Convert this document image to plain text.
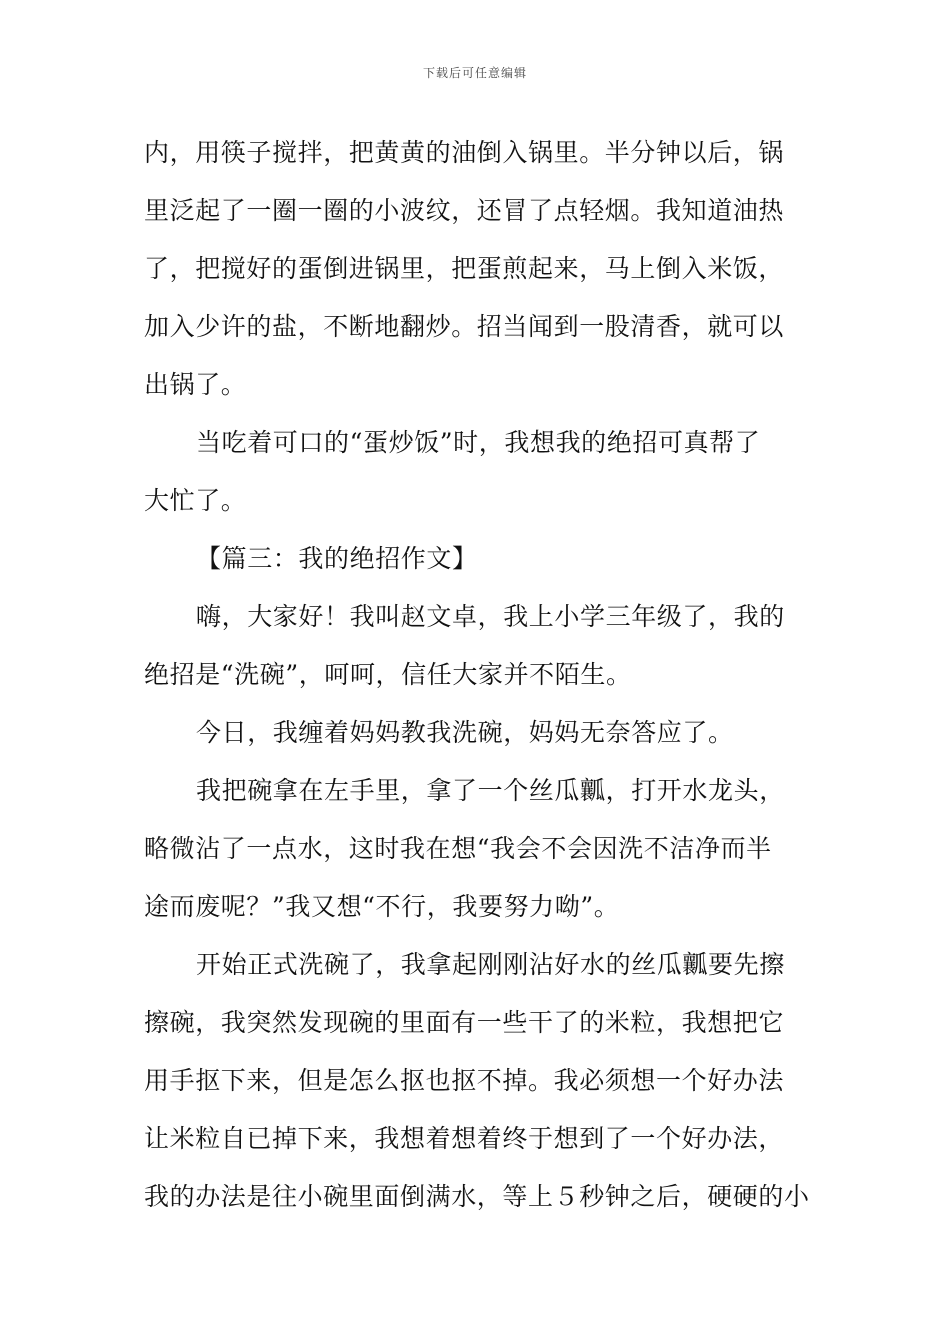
下载后可任意编辑
内，用筷子搅拌，把黄黄的油倒入锅里。半分钟以后，锅
里泛起了一圈一圈的小波纹，还冒了点轻烟。我知道油热
了，把搅好的蛋倒进锅里，把蛋煎起来，马上倒入米饭，
加入少许的盐，不断地翻炒。招当闻到一股清香，就可以
出锅了。
当吃着可口的“蛋炒饭”时，我想我的绝招可真帮了
大忙了。
【篇三：我的绝招作文】
嗨，大家好！我叫赵文卓，我上小学三年级了，我的
绝招是“洗碗”，呵呵，信任大家并不陌生。
今日，我缠着妈妈教我洗碗，妈妈无奈答应了。
我把碗拿在左手里，拿了一个丝瓜瓤，打开水龙头，
略微沾了一点水，这时我在想“我会不会因洗不洁净而半
途而废呢？”我又想“不行，我要努力呦”。
开始正式洗碗了，我拿起刚刚沾好水的丝瓜瓤要先擦
擦碗，我突然发现碗的里面有一些干了的米粒，我想把它
用手抠下来，但是怎么抠也抠不掉。我必须想一个好办法
让米粒自已掉下来，我想着想着终于想到了一个好办法，
我的办法是往小碗里面倒满水，等上５秒钟之后，硬硬的小
